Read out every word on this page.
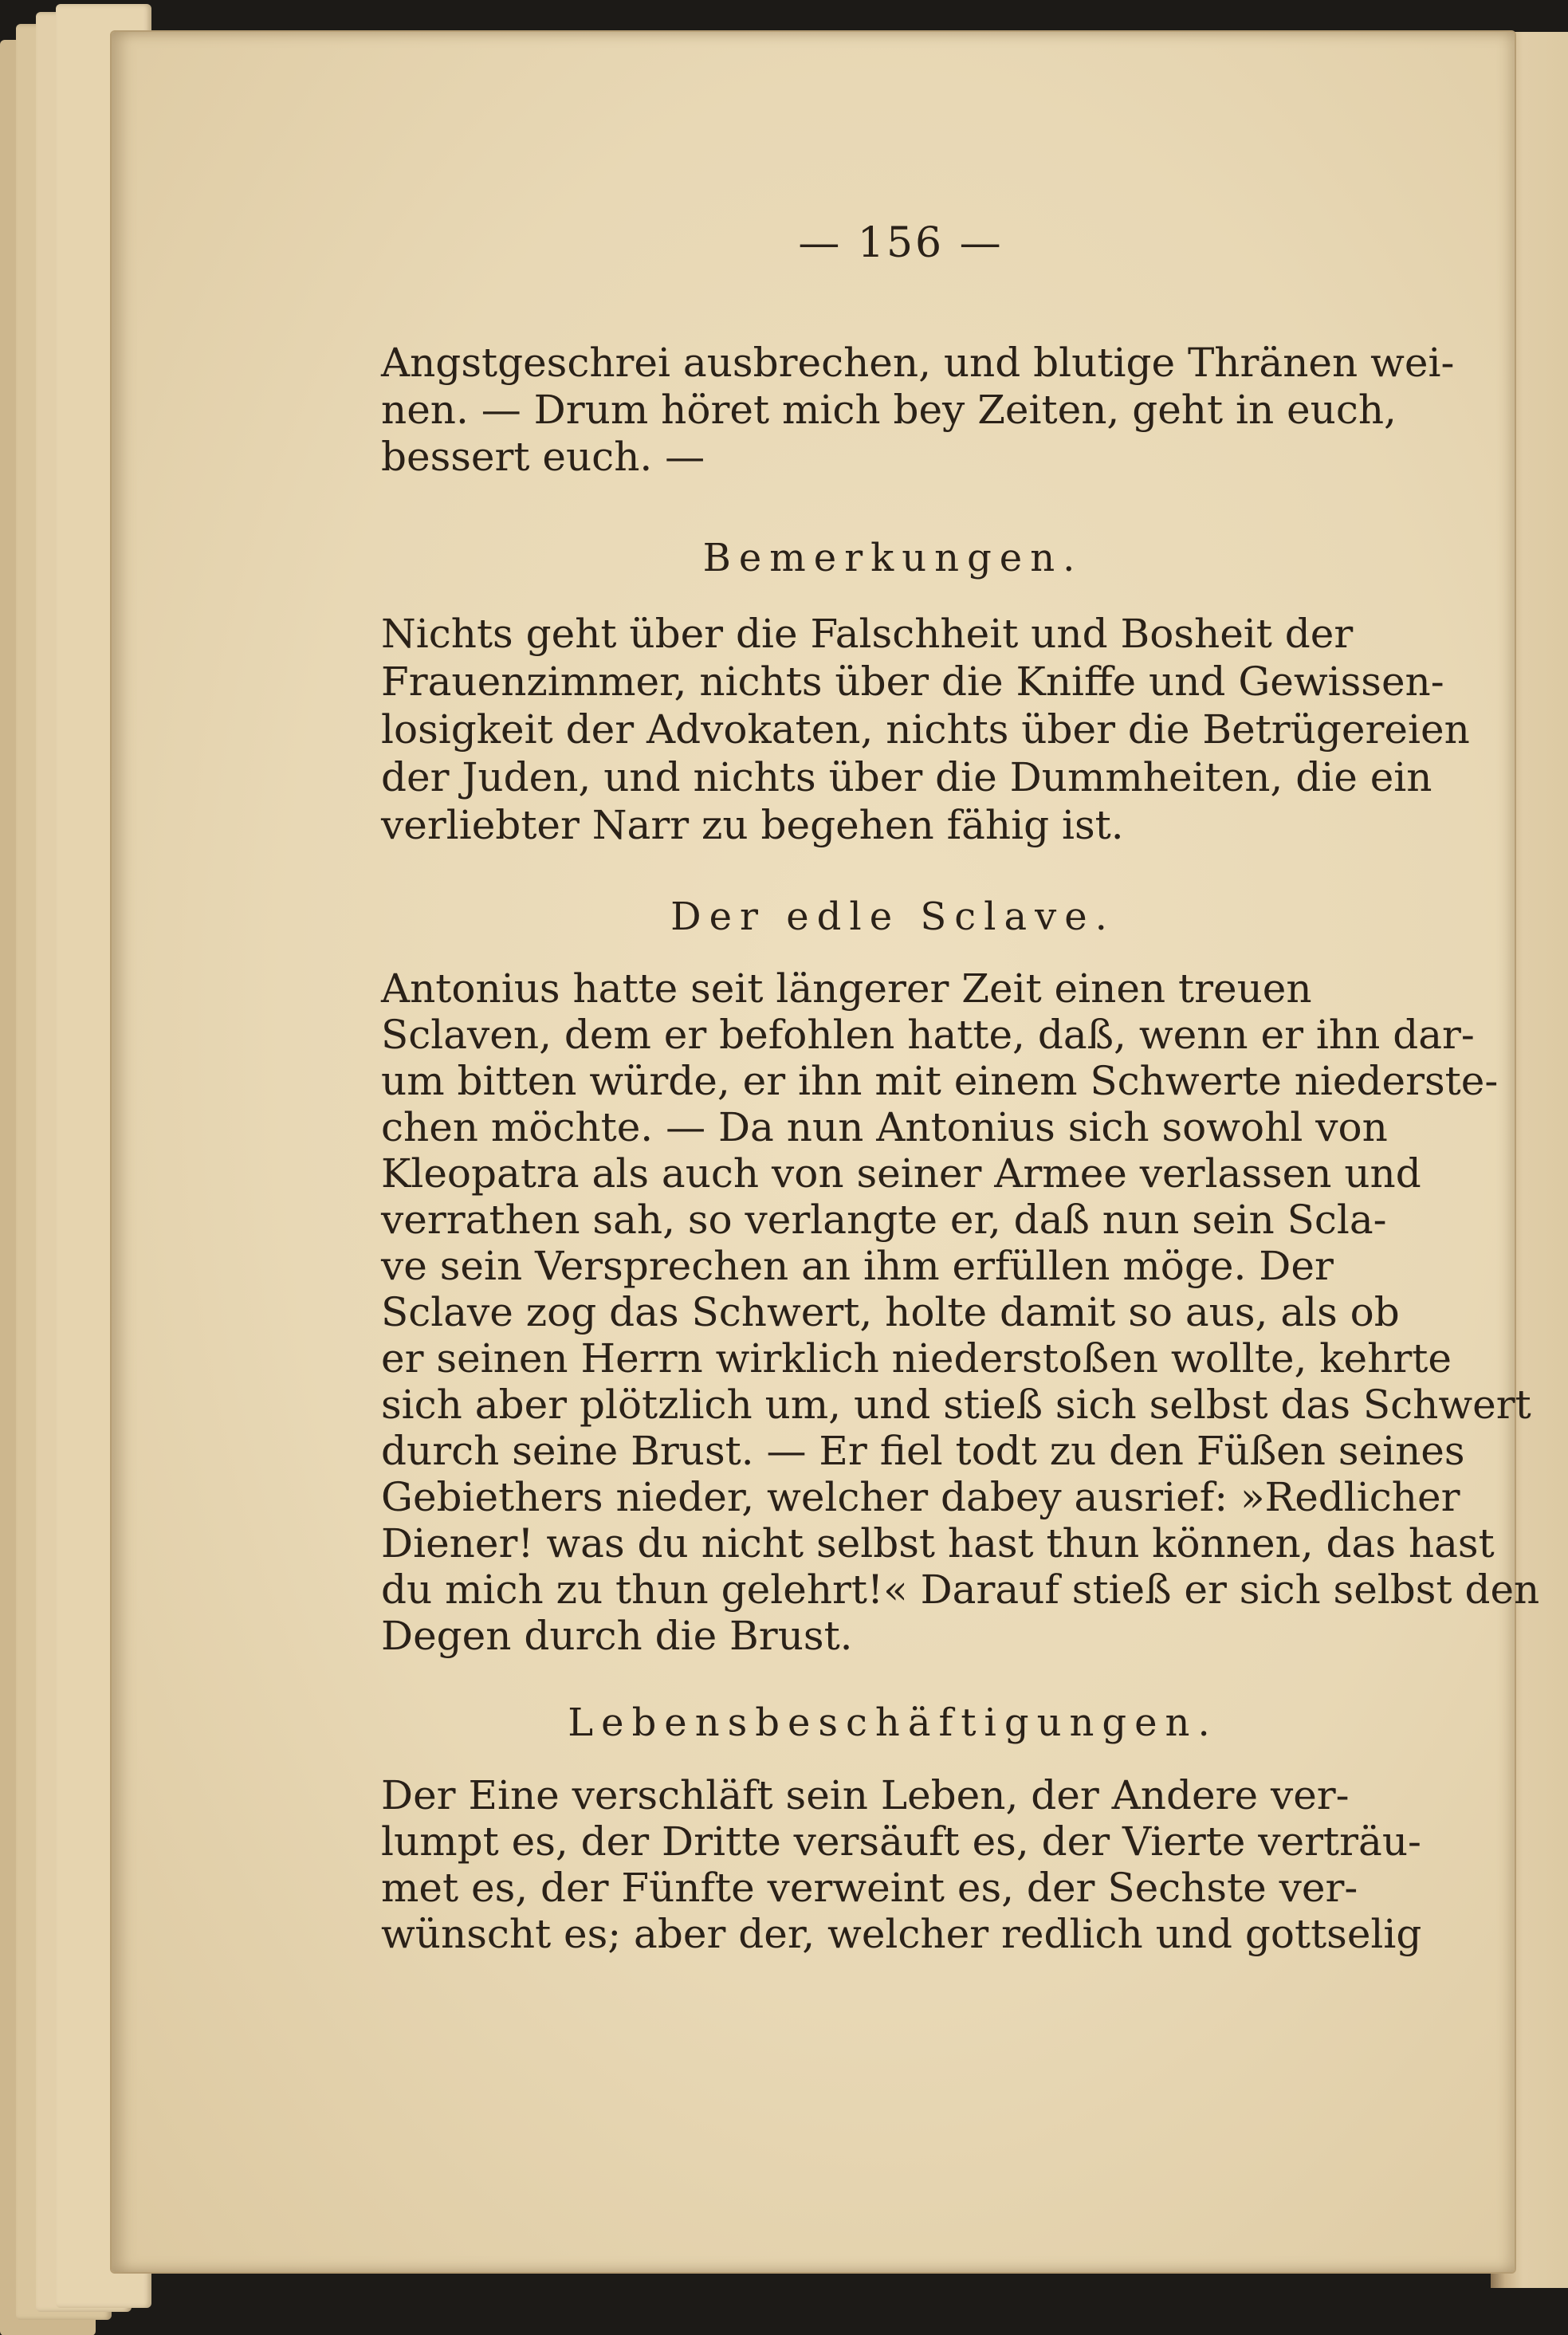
— 156 —
Angstgeschrei ausbrechen, und blutige Thränen wei-
nen. — Drum höret mich bey Zeiten, geht in euch,
bessert euch. —
Bemerkungen.
Nichts geht über die Falschheit und Bosheit der
Frauenzimmer, nichts über die Kniffe und Gewissen-
losigkeit der Advokaten, nichts über die Betrügereien
der Juden, und nichts über die Dummheiten, die ein
verliebter Narr zu begehen fähig ist.
Der edle Sclave.
Antonius hatte seit längerer Zeit einen treuen
Sclaven, dem er befohlen hatte, daß, wenn er ihn dar-
um bitten würde, er ihn mit einem Schwerte niederste-
chen möchte. — Da nun Antonius sich sowohl von
Kleopatra als auch von seiner Armee verlassen und
verrathen sah, so verlangte er, daß nun sein Scla-
ve sein Versprechen an ihm erfüllen möge. Der
Sclave zog das Schwert, holte damit so aus, als ob
er seinen Herrn wirklich niederstoßen wollte, kehrte
sich aber plötzlich um, und stieß sich selbst das Schwert
durch seine Brust. — Er fiel todt zu den Füßen seines
Gebiethers nieder, welcher dabey ausrief: »Redlicher
Diener! was du nicht selbst hast thun können, das hast
du mich zu thun gelehrt!« Darauf stieß er sich selbst den
Degen durch die Brust.
Lebensbeschäftigungen.
Der Eine verschläft sein Leben, der Andere ver-
lumpt es, der Dritte versäuft es, der Vierte verträu-
met es, der Fünfte verweint es, der Sechste ver-
wünscht es; aber der, welcher redlich und gottselig
